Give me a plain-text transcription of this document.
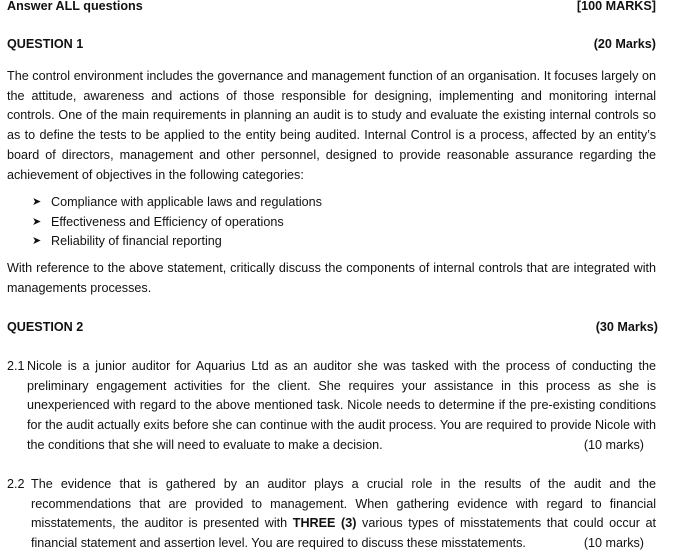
Answer ALL questions	[100 MARKS]
QUESTION 1	(20 Marks)
The control environment includes the governance and management function of an organisation. It focuses largely on the attitude, awareness and actions of those responsible for designing, implementing and monitoring internal controls. One of the main requirements in planning an audit is to study and evaluate the existing internal controls so as to define the tests to be applied to the entity being audited. Internal Control is a process, affected by an entity’s board of directors, management and other personnel, designed to provide reasonable assurance regarding the achievement of objectives in the following categories:
➤ Compliance with applicable laws and regulations
➤ Effectiveness and Efficiency of operations
➤ Reliability of financial reporting
With reference to the above statement, critically discuss the components of internal controls that are integrated with managements processes.
QUESTION 2	(30 Marks)
2.1 Nicole is a junior auditor for Aquarius Ltd as an auditor she was tasked with the process of conducting the preliminary engagement activities for the client. She requires your assistance in this process as she is unexperienced with regard to the above mentioned task. Nicole needs to determine if the pre-existing conditions for the audit actually exits before she can continue with the audit process. You are required to provide Nicole with the conditions that she will need to evaluate to make a decision.	(10 marks)
2.2 The evidence that is gathered by an auditor plays a crucial role in the results of the audit and the recommendations that are provided to management. When gathering evidence with regard to financial misstatements, the auditor is presented with THREE (3) various types of misstatements that could occur at financial statement and assertion level. You are required to discuss these misstatements.	(10 marks)
